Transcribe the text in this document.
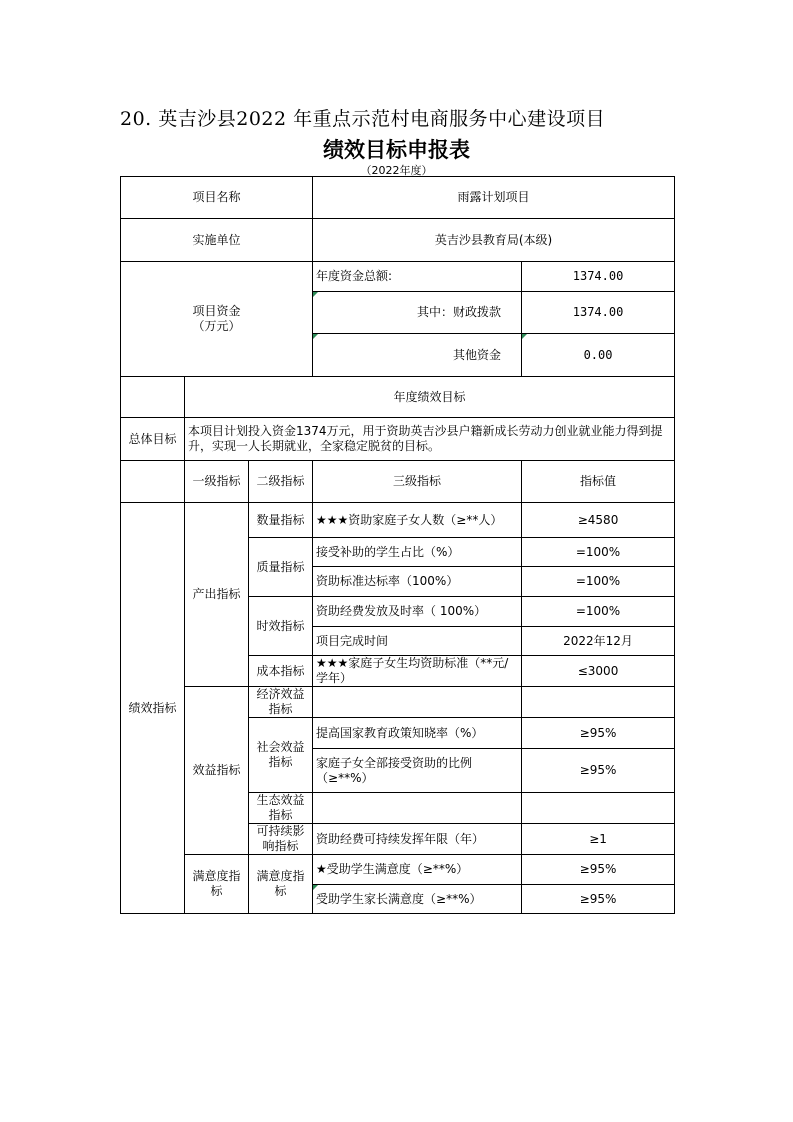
20. 英吉沙县2022 年重点示范村电商服务中心建设项目
绩效目标申报表
（2022年度）
项目名称			雨露计划项目	
实施单位			英吉沙县教育局(本级)	

项目资金
（万元）			年度资金总额:	1374.00
			其中：财政拨款	1374.00
			其他资金	0.00
	年度绩效目标			
总体目标	本项目计划投入资金1374万元，用于资助英吉沙县户籍新成长劳动力创业就业能力得到提升，实现一人长期就业，全家稳定脱贫的目标。			
	一级指标	二级指标	三级指标	指标值
绩效指标	产出指标	数量指标	★★★资助家庭子女人数（≥**人）	≥4580
		质量指标	接受补助的学生占比（%）	=100%
			资助标准达标率（100%）	=100%
		时效指标	资助经费发放及时率（ 100%）	=100%
			项目完成时间	2022年12月
		成本指标	★★★家庭子女生均资助标准（**元/学年）	≤3000
	效益指标	经济效益指标		
		社会效益指标	提高国家教育政策知晓率（%）	≥95%
			家庭子女全部接受资助的比例（≥**%）	≥95%
		生态效益指标		
		可持续影响指标	资助经费可持续发挥年限（年）	≥1
	满意度指标	满意度指标	★受助学生满意度（≥**%）	≥95%
			受助学生家长满意度（≥**%）	≥95%
